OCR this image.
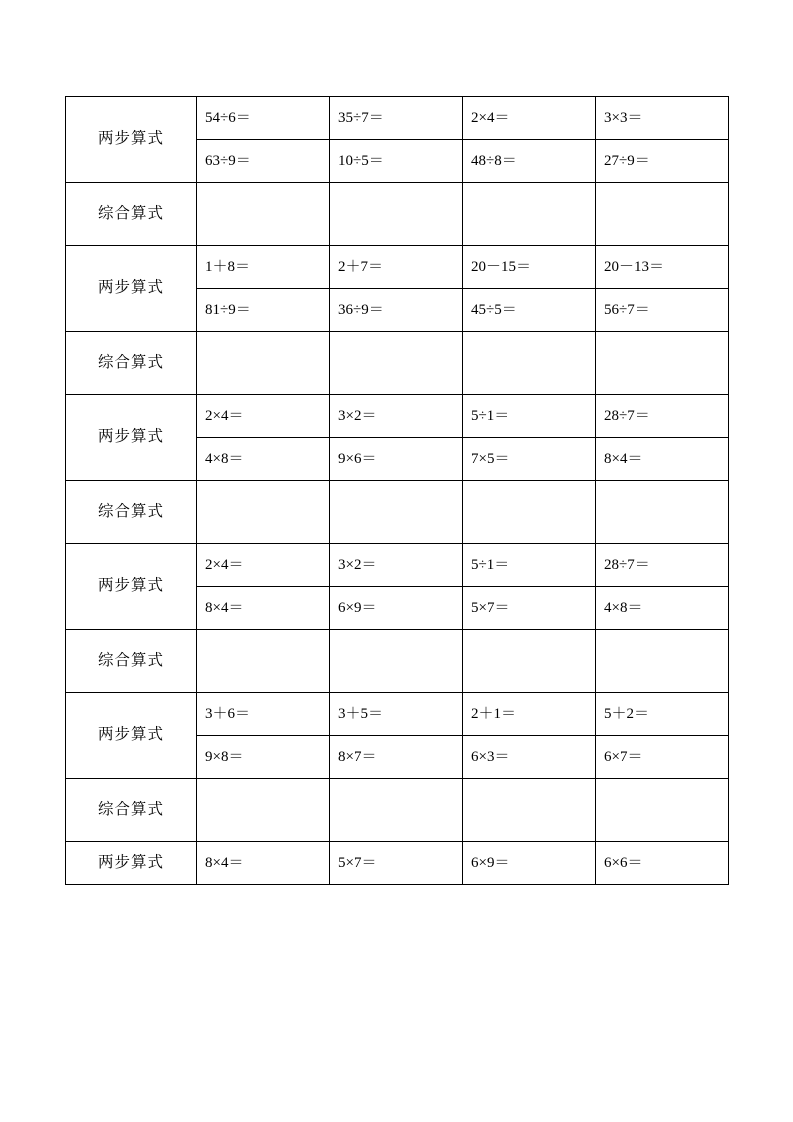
两步算式	54÷6＝	35÷7＝	2×4＝	3×3＝
	63÷9＝	10÷5＝	48÷8＝	27÷9＝
综合算式				
两步算式	1＋8＝	2＋7＝	20－15＝	20－13＝
	81÷9＝	36÷9＝	45÷5＝	56÷7＝
综合算式				
两步算式	2×4＝	3×2＝	5÷1＝	28÷7＝
	4×8＝	9×6＝	7×5＝	8×4＝
综合算式				
两步算式	2×4＝	3×2＝	5÷1＝	28÷7＝
	8×4＝	6×9＝	5×7＝	4×8＝
综合算式				
两步算式	3＋6＝	3＋5＝	2＋1＝	5＋2＝
	9×8＝	8×7＝	6×3＝	6×7＝
综合算式				
两步算式	8×4＝	5×7＝	6×9＝	6×6＝
